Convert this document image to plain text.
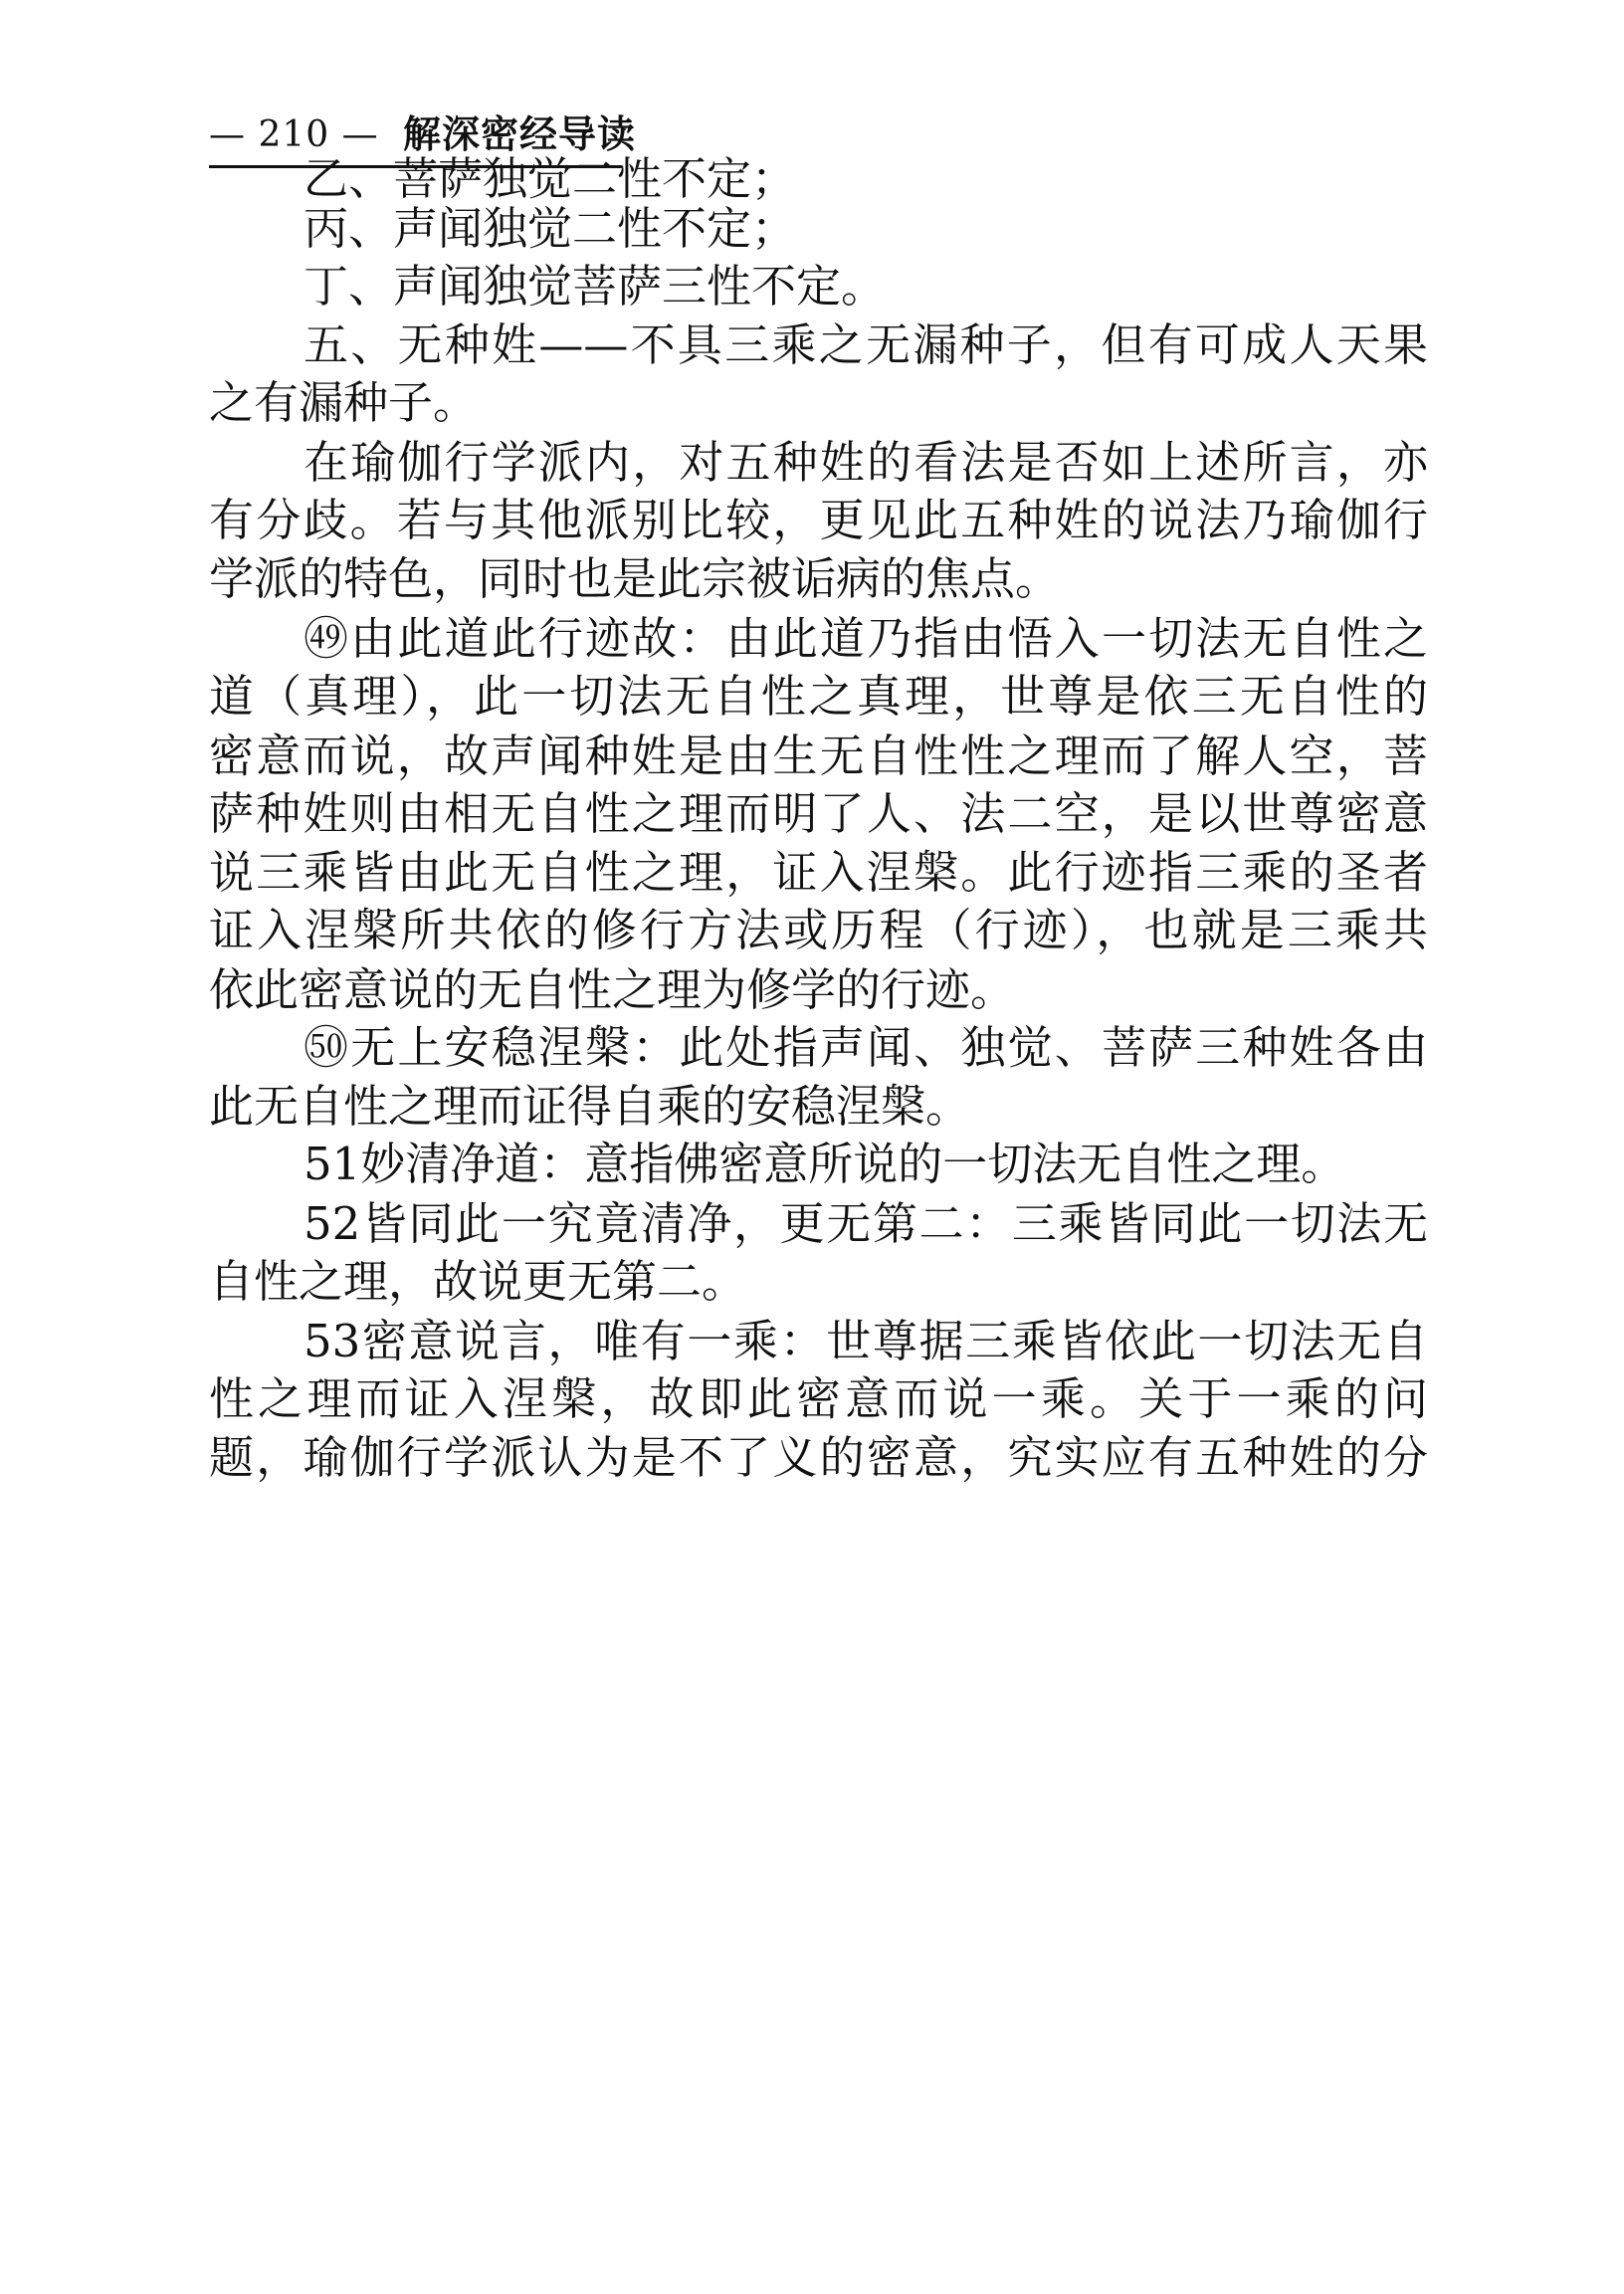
— 210 — 解深密经导读
乙、菩萨独觉二性不定；
丙、声闻独觉二性不定；
丁、声闻独觉菩萨三性不定。
五、无种姓——不具三乘之无漏种子，但有可成人天果
之有漏种子。
在瑜伽行学派内，对五种姓的看法是否如上述所言，亦
有分歧。若与其他派别比较，更见此五种姓的说法乃瑜伽行
学派的特色，同时也是此宗被诟病的焦点。
㊾由此道此行迹故：由此道乃指由悟入一切法无自性之
道（真理），此一切法无自性之真理，世尊是依三无自性的
密意而说，故声闻种姓是由生无自性性之理而了解人空，菩
萨种姓则由相无自性之理而明了人、法二空，是以世尊密意
说三乘皆由此无自性之理，证入涅槃。此行迹指三乘的圣者
证入涅槃所共依的修行方法或历程（行迹），也就是三乘共
依此密意说的无自性之理为修学的行迹。
㊿无上安稳涅槃：此处指声闻、独觉、菩萨三种姓各由
此无自性之理而证得自乘的安稳涅槃。
51妙清净道：意指佛密意所说的一切法无自性之理。
52皆同此一究竟清净，更无第二：三乘皆同此一切法无
自性之理，故说更无第二。
53密意说言，唯有一乘：世尊据三乘皆依此一切法无自
性之理而证入涅槃，故即此密意而说一乘。关于一乘的问
题，瑜伽行学派认为是不了义的密意，究实应有五种姓的分
